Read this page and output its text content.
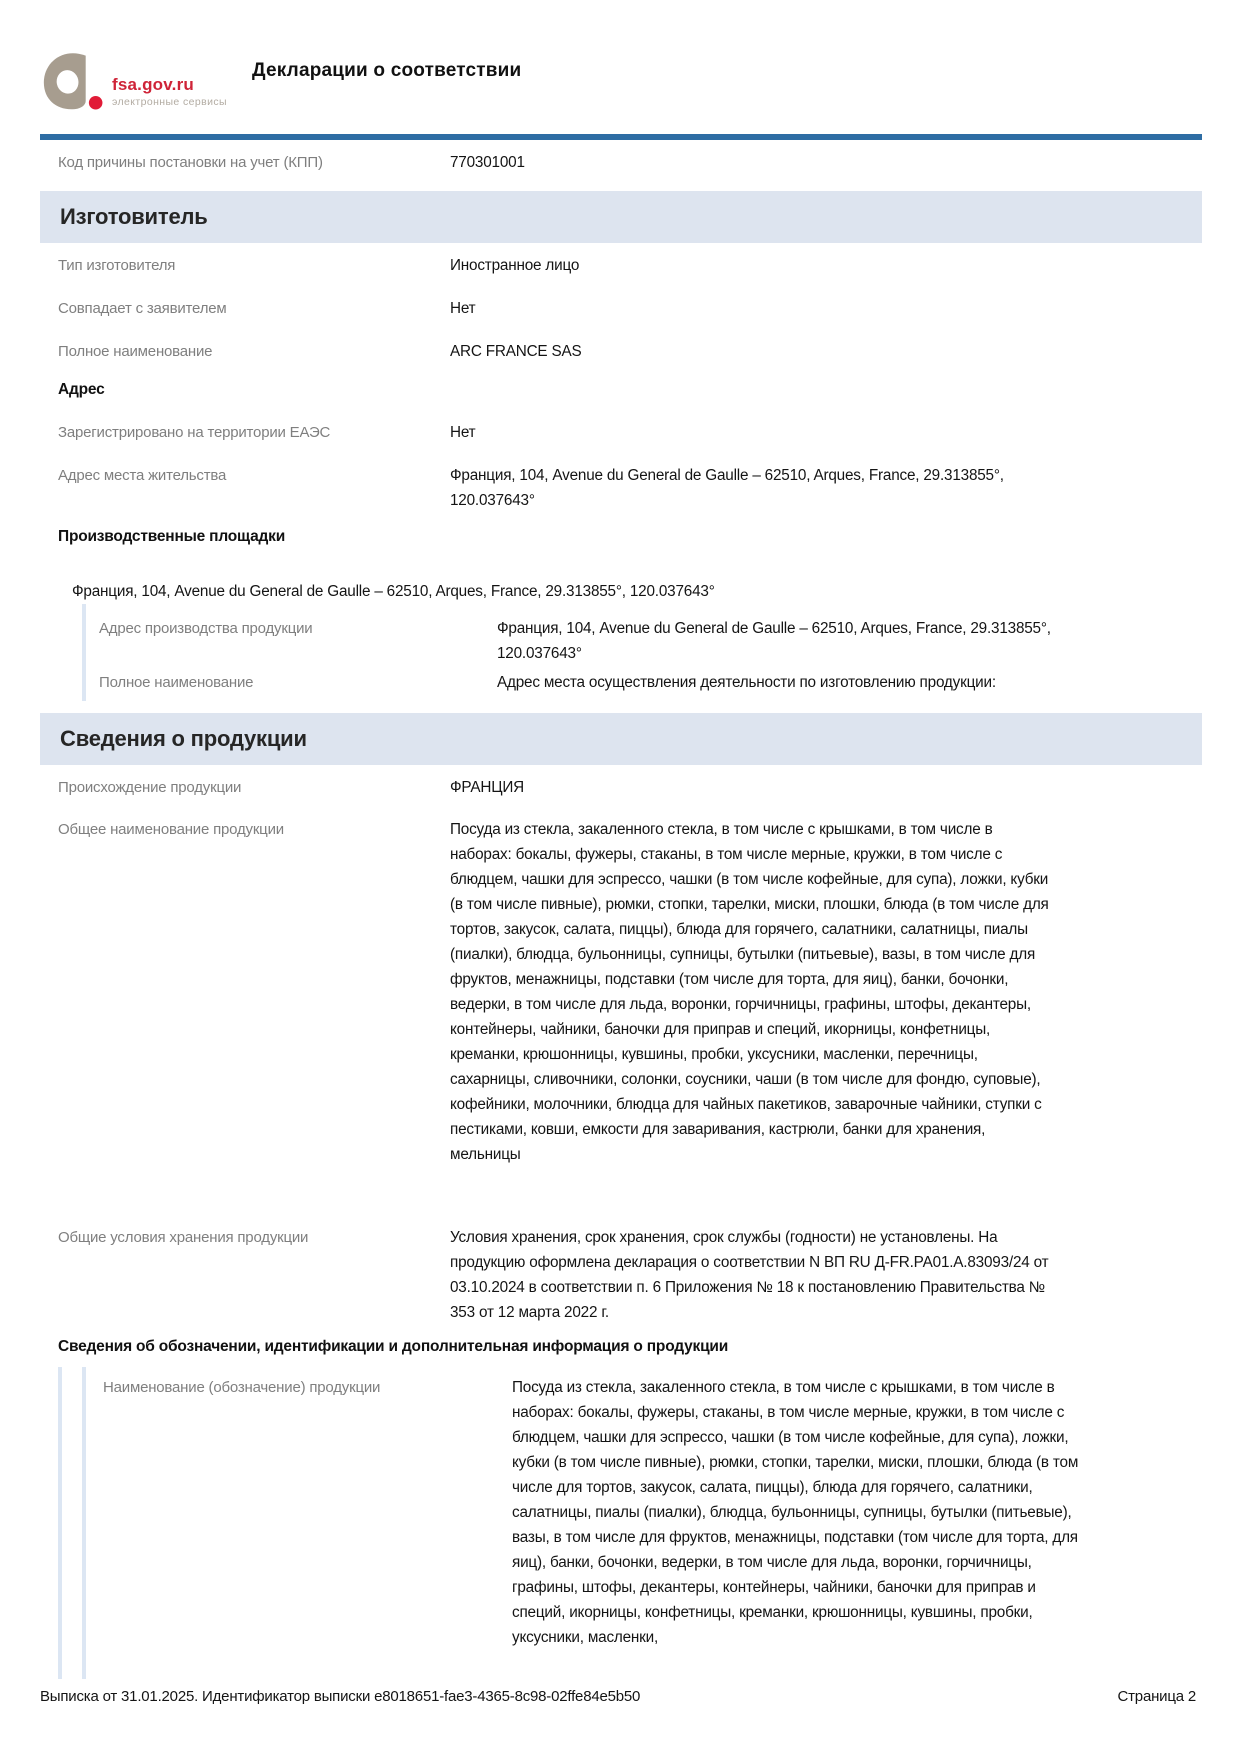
fsa.gov.ru
электронные сервисы
Декларации о соответствии
Код причины постановки на учет (КПП)	770301001
Изготовитель
Тип изготовителя	Иностранное лицо
Совпадает с заявителем	Нет
Полное наименование	ARC FRANCE SAS
Адрес
Зарегистрировано на территории ЕАЭС	Нет
Адрес места жительства	Франция, 104, Avenue du General de Gaulle – 62510, Arques, France, 29.313855°, 120.037643°
Производственные площадки
Франция, 104, Avenue du General de Gaulle – 62510, Arques, France, 29.313855°, 120.037643°
Адрес производства продукции	Франция, 104, Avenue du General de Gaulle – 62510, Arques, France, 29.313855°, 120.037643°
Полное наименование	Адрес места осуществления деятельности по изготовлению продукции:
Сведения о продукции
Происхождение продукции	ФРАНЦИЯ
Общее наименование продукции	Посуда из стекла, закаленного стекла, в том числе с крышками, в том числе в наборах: бокалы, фужеры, стаканы, в том числе мерные, кружки, в том числе с блюдцем, чашки для эспрессо, чашки (в том числе кофейные, для супа), ложки, кубки (в том числе пивные), рюмки, стопки, тарелки, миски, плошки, блюда (в том числе для тортов, закусок, салата, пиццы), блюда для горячего, салатники, салатницы, пиалы (пиалки), блюдца, бульонницы, супницы, бутылки (питьевые), вазы, в том числе для фруктов, менажницы, подставки (том числе для торта, для яиц), банки, бочонки, ведерки, в том числе для льда, воронки, горчичницы, графины, штофы, декантеры, контейнеры, чайники, баночки для приправ и специй, икорницы, конфетницы, креманки, крюшонницы, кувшины, пробки, уксусники, масленки, перечницы, сахарницы, сливочники, солонки, соусники, чаши (в том числе для фондю, суповые), кофейники, молочники, блюдца для чайных пакетиков, заварочные чайники, ступки с пестиками, ковши, емкости для заваривания, кастрюли, банки для хранения, мельницы
Общие условия хранения продукции	Условия хранения, срок хранения, срок службы (годности) не установлены. На продукцию оформлена декларация о соответствии N ВП RU Д-FR.РА01.А.83093/24 от 03.10.2024 в соответствии п. 6 Приложения № 18 к постановлению Правительства № 353 от 12 марта 2022 г.
Сведения об обозначении, идентификации и дополнительная информация о продукции
Наименование (обозначение) продукции	Посуда из стекла, закаленного стекла, в том числе с крышками, в том числе в наборах: бокалы, фужеры, стаканы, в том числе мерные, кружки, в том числе с блюдцем, чашки для эспрессо, чашки (в том числе кофейные, для супа), ложки, кубки (в том числе пивные), рюмки, стопки, тарелки, миски, плошки, блюда (в том числе для тортов, закусок, салата, пиццы), блюда для горячего, салатники, салатницы, пиалы (пиалки), блюдца, бульонницы, супницы, бутылки (питьевые), вазы, в том числе для фруктов, менажницы, подставки (том числе для торта, для яиц), банки, бочонки, ведерки, в том числе для льда, воронки, горчичницы, графины, штофы, декантеры, контейнеры, чайники, баночки для приправ и специй, икорницы, конфетницы, креманки, крюшонницы, кувшины, пробки, уксусники, масленки,
Выписка от 31.01.2025. Идентификатор выписки e8018651-fae3-4365-8c98-02ffe84e5b50	Страница 2
